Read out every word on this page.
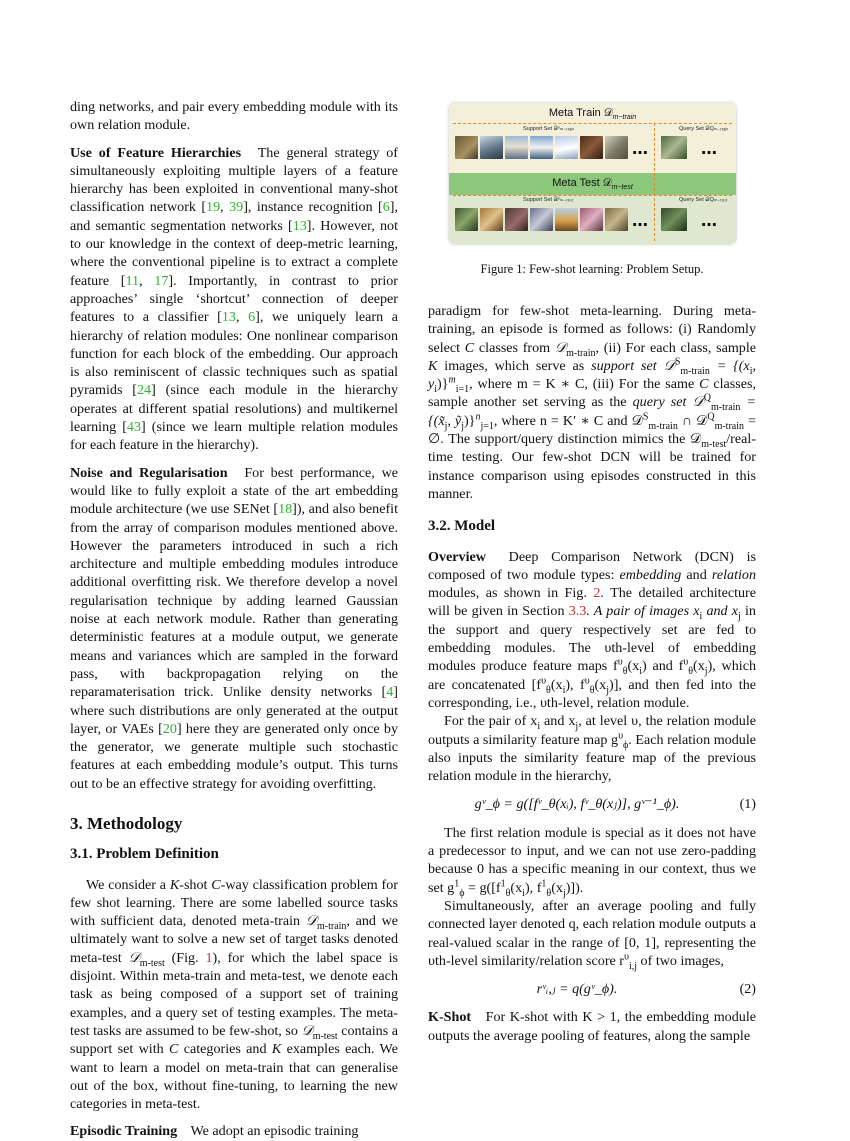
ding networks, and pair every embedding module with its own relation module.

Use of Feature Hierarchies The general strategy of simultaneously exploiting multiple layers of a feature hierarchy has been exploited in conventional many-shot classification network [19, 39], instance recognition [6], and semantic segmentation networks [13]. However, not to our knowledge in the context of deep-metric learning, where the conventional pipeline is to extract a complete feature [11, 17]. Importantly, in contrast to prior approaches’ single ‘shortcut’ connection of deeper features to a classifier [13, 6], we uniquely learn a hierarchy of relation modules: One nonlinear comparison function for each block of the embedding. Our approach is also reminiscent of classic techniques such as spatial pyramids [24] (since each module in the hierarchy operates at different spatial resolutions) and multikernel learning [43] (since we learn multiple relation modules for each feature in the hierarchy).

Noise and Regularisation For best performance, we would like to fully exploit a state of the art embedding module architecture (we use SENet [18]), and also benefit from the array of comparison modules mentioned above. However the parameters introduced in such a rich architecture and multiple embedding modules introduce additional overfitting risk. We therefore develop a novel regularisation technique by adding learned Gaussian noise at each network module. Rather than generating deterministic features at a module output, we generate means and variances which are sampled in the forward pass, with backpropagation relying on the reparamaterisation trick. Unlike density networks [4] where such distributions are only generated at the output layer, or VAEs [20] here they are generated only once by the generator, we generate multiple such stochastic features at each embedding module’s output. This turns out to be an effective strategy for avoiding overfitting.

3. Methodology
3.1. Problem Definition

We consider a K-shot C-way classification problem for few shot learning. There are some labelled source tasks with sufficient data, denoted meta-train 𝒟$_{m-train}$, and we ultimately want to solve a new set of target tasks denoted meta-test 𝒟$_{m-test}$ (Fig. 1), for which the label space is disjoint. Within meta-train and meta-test, we denote each task as being composed of a support set of training examples, and a query set of testing examples. The meta-test tasks are assumed to be few-shot, so 𝒟$_{m-test}$ contains a support set with C categories and K examples each. We want to learn a model on meta-train that can generalise out of the box, without fine-tuning, to learning the new categories in meta-test.

Episodic Training We adopt an episodic training

Meta Train 𝒟$_{m-train}$
Meta Test 𝒟$_{m-test}$
Support Set 𝒟ˢₘ₋ₜᵣₐᵢₙ	Query Set 𝒟Qₘ₋ₜᵣₐᵢₙ
Support Set 𝒟ˢₘ₋ₜₑₛₜ	Query Set 𝒟Qₘ₋ₜₑₛₜ
…	…
…	…
Figure 1: Few-shot learning: Problem Setup.

paradigm for few-shot meta-learning. During meta-training, an episode is formed as follows: (i) Randomly select C classes from 𝒟$_{m-train}$, (ii) For each class, sample K images, which serve as support set 𝒟$^S_{m-train}$ = {($x_i$, $y_i)\}^m_{i=1}$, where m = K ∗ C, (iii) For the same C classes, sample another set serving as the query set 𝒟$^Q_{m-train}$ = {($x̃_j$, ỹ$_j$)}$^n_{j=1}$, where n = K′ ∗ C and 𝒟$^S_{m-train}$ ∩ 𝒟$^Q_{m-train}$ = ∅. The support/query distinction mimics the 𝒟$_{m-test}$/real-time testing. Our few-shot DCN will be trained for instance comparison using episodes constructed in this manner.

3.2. Model

Overview Deep Comparison Network (DCN) is composed of two module types: embedding and relation modules, as shown in Fig. 2. The detailed architecture will be given in Section 3.3. A pair of images $x_i$ and $x_j$ in the support and query respectively set are fed to embedding modules. The υth-level of embedding modules produce feature maps $f^\upsilon_\theta(x_i)$ and $f^\upsilon_\theta(x_j)$, which are concatenated [$f^\upsilon_\theta(x_i)$, $f^\upsilon_\theta(x_j)$], and then fed into the corresponding, i.e., υth-level, relation module.

For the pair of $x_i$ and $x_j$, at level υ, the relation module outputs a similarity feature map $g^\upsilon_\phi$. Each relation module also inputs the similarity feature map of the previous relation module in the hierarchy,

gᵛ_ϕ = g([fᵛ_θ(xᵢ), fᵛ_θ(xⱼ)], gᵛ⁻¹_ϕ).	(1)

The first relation module is special as it does not have a predecessor to input, and we can not use zero-padding because 0 has a specific meaning in our context, thus we set $g^1_\phi = g([f^1_\theta(x_i)$, $f^1_\theta(x_j)$]).

Simultaneously, after an average pooling and fully connected layer denoted q, each relation module outputs a real-valued scalar in the range of [0, 1], representing the υth-level similarity/relation score $r^\upsilon_{i,j}$ of two images,

rᵛᵢ,ⱼ = q(gᵛ_ϕ).	(2)

K-Shot For K-shot with K > 1, the embedding module outputs the average pooling of features, along the sample
